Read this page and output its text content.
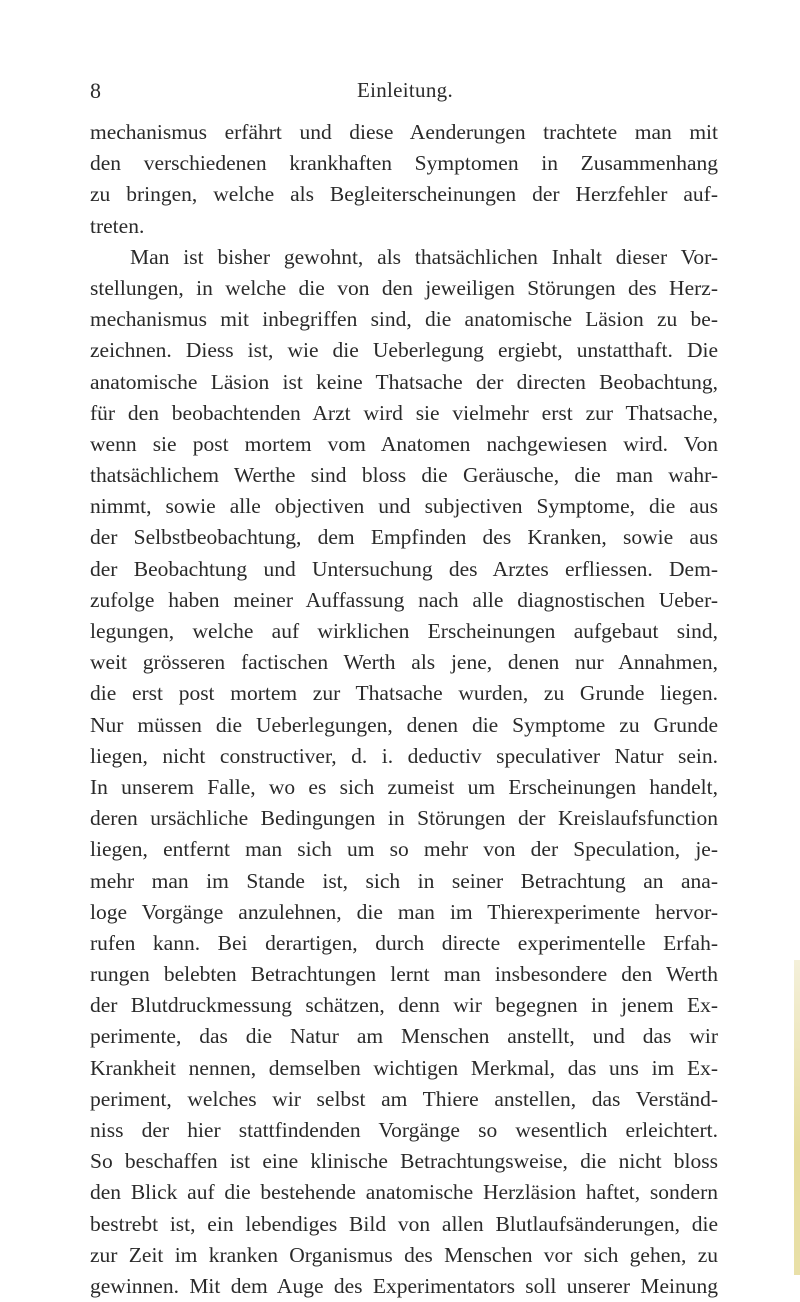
8	Einleitung.
mechanismus erfährt und diese Aenderungen trachtete man mit
den verschiedenen krankhaften Symptomen in Zusammenhang
zu bringen, welche als Begleiterscheinungen der Herzfehler auf-
treten.
Man ist bisher gewohnt, als thatsächlichen Inhalt dieser Vor-
stellungen, in welche die von den jeweiligen Störungen des Herz-
mechanismus mit inbegriffen sind, die anatomische Läsion zu be-
zeichnen. Diess ist, wie die Ueberlegung ergiebt, unstatthaft. Die
anatomische Läsion ist keine Thatsache der directen Beobachtung,
für den beobachtenden Arzt wird sie vielmehr erst zur Thatsache,
wenn sie post mortem vom Anatomen nachgewiesen wird. Von
thatsächlichem Werthe sind bloss die Geräusche, die man wahr-
nimmt, sowie alle objectiven und subjectiven Symptome, die aus
der Selbstbeobachtung, dem Empfinden des Kranken, sowie aus
der Beobachtung und Untersuchung des Arztes erfliessen. Dem-
zufolge haben meiner Auffassung nach alle diagnostischen Ueber-
legungen, welche auf wirklichen Erscheinungen aufgebaut sind,
weit grösseren factischen Werth als jene, denen nur Annahmen,
die erst post mortem zur Thatsache wurden, zu Grunde liegen.
Nur müssen die Ueberlegungen, denen die Symptome zu Grunde
liegen, nicht constructiver, d. i. deductiv speculativer Natur sein.
In unserem Falle, wo es sich zumeist um Erscheinungen handelt,
deren ursächliche Bedingungen in Störungen der Kreislaufsfunction
liegen, entfernt man sich um so mehr von der Speculation, je-
mehr man im Stande ist, sich in seiner Betrachtung an ana-
loge Vorgänge anzulehnen, die man im Thierexperimente hervor-
rufen kann. Bei derartigen, durch directe experimentelle Erfah-
rungen belebten Betrachtungen lernt man insbesondere den Werth
der Blutdruckmessung schätzen, denn wir begegnen in jenem Ex-
perimente, das die Natur am Menschen anstellt, und das wir
Krankheit nennen, demselben wichtigen Merkmal, das uns im Ex-
periment, welches wir selbst am Thiere anstellen, das Verständ-
niss der hier stattfindenden Vorgänge so wesentlich erleichtert.
So beschaffen ist eine klinische Betrachtungsweise, die nicht bloss
den Blick auf die bestehende anatomische Herzläsion haftet, sondern
bestrebt ist, ein lebendiges Bild von allen Blutlaufsänderungen, die
zur Zeit im kranken Organismus des Menschen vor sich gehen, zu
gewinnen. Mit dem Auge des Experimentators soll unserer Meinung
